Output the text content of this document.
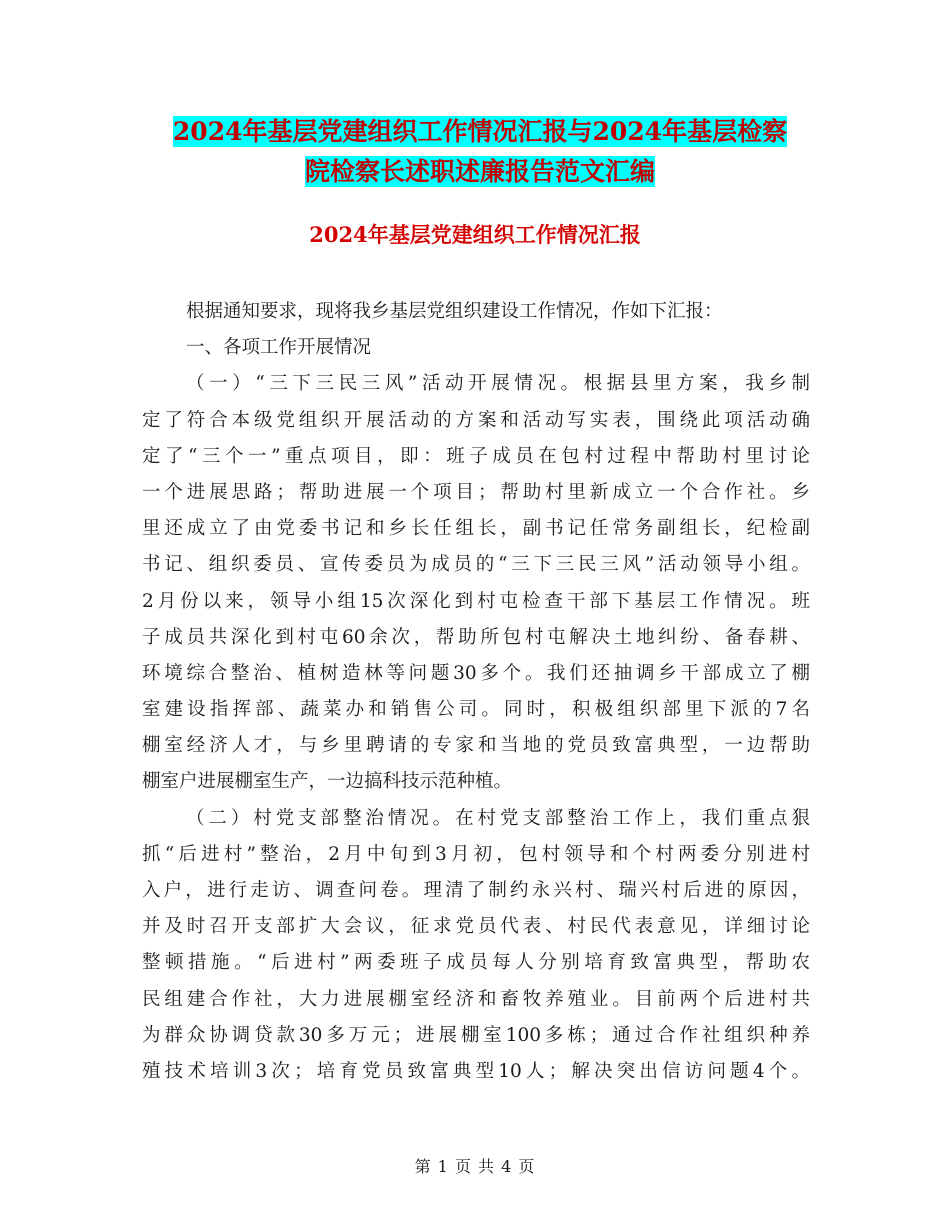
2024年基层党建组织工作情况汇报与2024年基层检察
院检察长述职述廉报告范文汇编
2024年基层党建组织工作情况汇报
根据通知要求，现将我乡基层党组织建设工作情况，作如下汇报：
一、各项工作开展情况
（一）“三下三民三风”活动开展情况。根据县里方案，我乡制
定了符合本级党组织开展活动的方案和活动写实表，围绕此项活动确
定了“三个一”重点项目，即：班子成员在包村过程中帮助村里讨论
一个进展思路；帮助进展一个项目；帮助村里新成立一个合作社。乡
里还成立了由党委书记和乡长任组长，副书记任常务副组长，纪检副
书记、组织委员、宣传委员为成员的“三下三民三风”活动领导小组。
2月份以来，领导小组15次深化到村屯检查干部下基层工作情况。班
子成员共深化到村屯60余次，帮助所包村屯解决土地纠纷、备春耕、
环境综合整治、植树造林等问题30多个。我们还抽调乡干部成立了棚
室建设指挥部、蔬菜办和销售公司。同时，积极组织部里下派的7名
棚室经济人才，与乡里聘请的专家和当地的党员致富典型，一边帮助
棚室户进展棚室生产，一边搞科技示范种植。
（二）村党支部整治情况。在村党支部整治工作上，我们重点狠
抓“后进村”整治，2月中旬到3月初，包村领导和个村两委分别进村
入户，进行走访、调查问卷。理清了制约永兴村、瑞兴村后进的原因，
并及时召开支部扩大会议，征求党员代表、村民代表意见，详细讨论
整顿措施。“后进村”两委班子成员每人分别培育致富典型，帮助农
民组建合作社，大力进展棚室经济和畜牧养殖业。目前两个后进村共
为群众协调贷款30多万元；进展棚室100多栋；通过合作社组织种养
殖技术培训3次；培育党员致富典型10人；解决突出信访问题4个。
第 1 页 共 4 页
